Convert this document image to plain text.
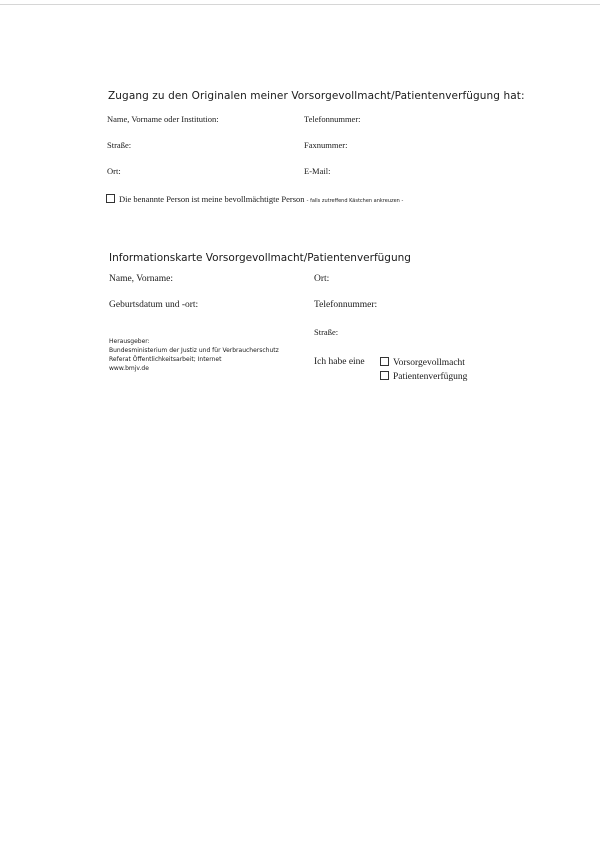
Zugang zu den Originalen meiner Vorsorgevollmacht/Patientenverfügung hat:
Name, Vorname oder Institution:	Telefonnummer:
Straße:	Faxnummer:
Ort:	E-Mail:
Die benannte Person ist meine bevollmächtigte Person - falls zutreffend Kästchen ankreuzen -
Informationskarte Vorsorgevollmacht/Patientenverfügung
Name, Vorname:	Ort:
Geburtsdatum und -ort:	Telefonnummer:
Straße:
Herausgeber:
Bundesministerium der Justiz und für Verbraucherschutz
Referat Öffentlichkeitsarbeit; Internet
www.bmjv.de
Ich habe eine	Vorsorgevollmacht
Patientenverfügung
